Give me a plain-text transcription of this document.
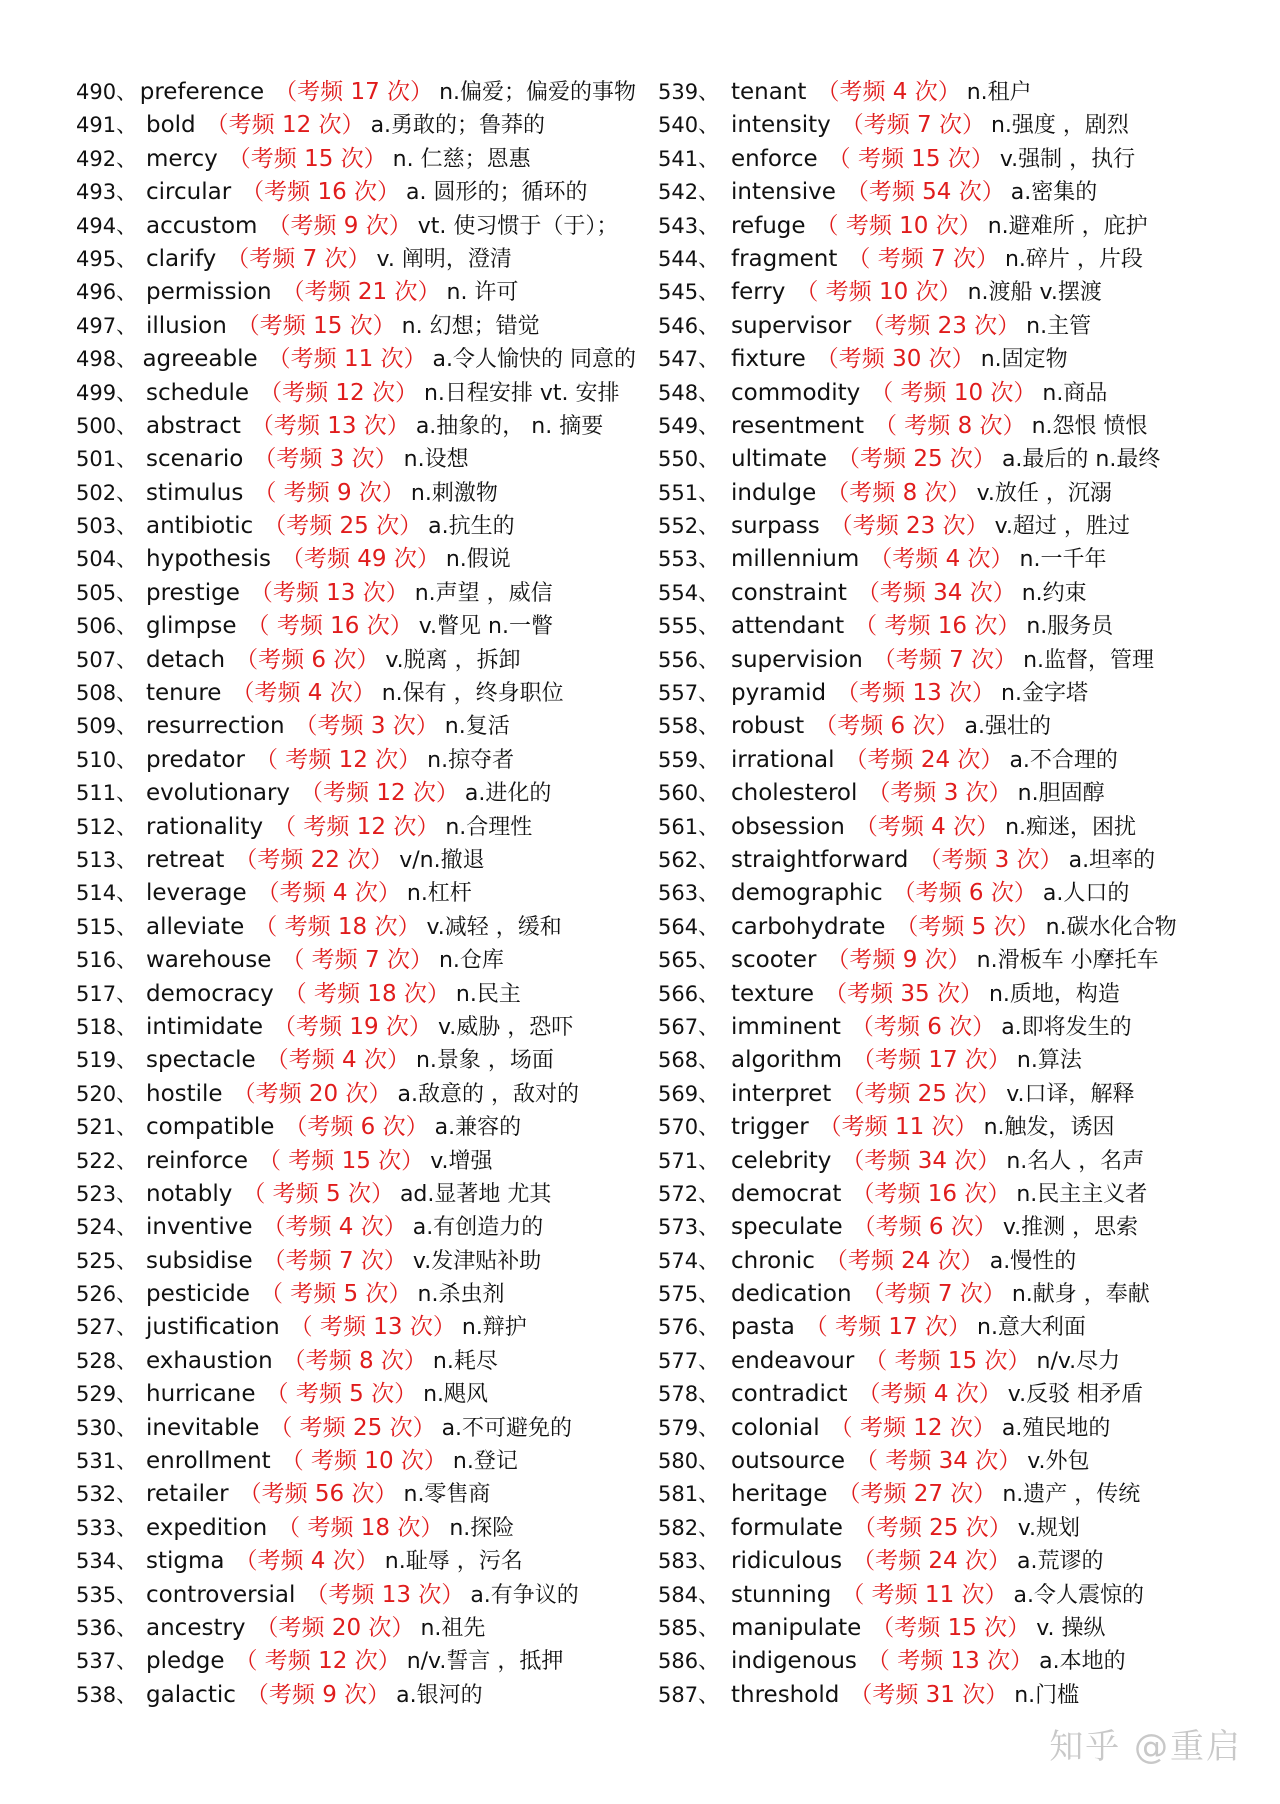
490、 preference （考频 17 次） n.偏爱；偏爱的事物
491、 bold （考频 12 次） a.勇敢的；鲁莽的
492、 mercy （考频 15 次） n. 仁慈；恩惠
493、 circular （考频 16 次） a. 圆形的；循环的
494、 accustom （考频 9 次） vt. 使习惯于（于）；
495、 clarify （考频 7 次） v. 阐明，澄清
496、 permission （考频 21 次） n. 许可
497、 illusion （考频 15 次） n. 幻想；错觉
498、 agreeable （考频 11 次） a.令人愉快的 同意的
499、 schedule （考频 12 次） n.日程安排 vt. 安排
500、 abstract （考频 13 次） a.抽象的， n. 摘要
501、 scenario （考频 3 次） n.设想
502、 stimulus （ 考频 9 次） n.刺激物
503、 antibiotic （考频 25 次） a.抗生的
504、 hypothesis （考频 49 次） n.假说
505、 prestige （考频 13 次） n.声望 ，威信
506、 glimpse （ 考频 16 次） v.瞥见 n.一瞥
507、 detach （考频 6 次） v.脱离 ，拆卸
508、 tenure （考频 4 次） n.保有 ，终身职位
509、 resurrection （考频 3 次） n.复活
510、 predator （ 考频 12 次） n.掠夺者
511、 evolutionary （考频 12 次） a.进化的
512、 rationality （ 考频 12 次） n.合理性
513、 retreat （考频 22 次） v/n.撤退
514、 leverage （考频 4 次） n.杠杆
515、 alleviate （ 考频 18 次） v.减轻 ，缓和
516、 warehouse （ 考频 7 次） n.仓库
517、 democracy （ 考频 18 次） n.民主
518、 intimidate （考频 19 次） v.威胁 ，恐吓
519、 spectacle （考频 4 次） n.景象 ，场面
520、 hostile （考频 20 次） a.敌意的 ，敌对的
521、 compatible （考频 6 次） a.兼容的
522、 reinforce （ 考频 15 次） v.增强
523、 notably （ 考频 5 次） ad.显著地 尤其
524、 inventive （考频 4 次） a.有创造力的
525、 subsidise （考频 7 次） v.发津贴补助
526、 pesticide （ 考频 5 次） n.杀虫剂
527、 justification （ 考频 13 次） n.辩护
528、 exhaustion （考频 8 次） n.耗尽
529、 hurricane （ 考频 5 次） n.飓风
530、 inevitable （ 考频 25 次） a.不可避免的
531、 enrollment （ 考频 10 次） n.登记
532、 retailer （考频 56 次） n.零售商
533、 expedition （ 考频 18 次） n.探险
534、 stigma （考频 4 次） n.耻辱 ，污名
535、 controversial （考频 13 次） a.有争议的
536、 ancestry （考频 20 次） n.祖先
537、 pledge （ 考频 12 次） n/v.誓言 ，抵押
538、 galactic （考频 9 次） a.银河的
539、 tenant （考频 4 次） n.租户
540、 intensity （考频 7 次） n.强度 ，剧烈
541、 enforce （ 考频 15 次） v.强制 ，执行
542、 intensive （考频 54 次） a.密集的
543、 refuge （ 考频 10 次） n.避难所 ，庇护
544、 fragment （ 考频 7 次） n.碎片 ，片段
545、 ferry （ 考频 10 次） n.渡船 v.摆渡
546、 supervisor （考频 23 次） n.主管
547、 fixture （考频 30 次） n.固定物
548、 commodity （ 考频 10 次） n.商品
549、 resentment （ 考频 8 次） n.怨恨 愤恨
550、 ultimate （考频 25 次） a.最后的 n.最终
551、 indulge （考频 8 次） v.放任 ，沉溺
552、 surpass （考频 23 次） v.超过 ，胜过
553、 millennium （考频 4 次） n.一千年
554、 constraint （考频 34 次） n.约束
555、 attendant （ 考频 16 次） n.服务员
556、 supervision （考频 7 次） n.监督，管理
557、 pyramid （考频 13 次） n.金字塔
558、 robust （考频 6 次） a.强壮的
559、 irrational （考频 24 次） a.不合理的
560、 cholesterol （考频 3 次） n.胆固醇
561、 obsession （考频 4 次） n.痴迷，困扰
562、 straightforward （考频 3 次） a.坦率的
563、 demographic （考频 6 次） a.人口的
564、 carbohydrate （考频 5 次） n.碳水化合物
565、 scooter （考频 9 次） n.滑板车 小摩托车
566、 texture （考频 35 次） n.质地，构造
567、 imminent （考频 6 次） a.即将发生的
568、 algorithm （考频 17 次） n.算法
569、 interpret （考频 25 次） v.口译，解释
570、 trigger （考频 11 次） n.触发，诱因
571、 celebrity （考频 34 次） n.名人 ，名声
572、 democrat （考频 16 次） n.民主主义者
573、 speculate （考频 6 次） v.推测 ，思索
574、 chronic （考频 24 次） a.慢性的
575、 dedication （考频 7 次） n.献身 ，奉献
576、 pasta （ 考频 17 次） n.意大利面
577、 endeavour （ 考频 15 次） n/v.尽力
578、 contradict （考频 4 次） v.反驳 相矛盾
579、 colonial （ 考频 12 次） a.殖民地的
580、 outsource （ 考频 34 次） v.外包
581、 heritage （考频 27 次） n.遗产 ，传统
582、 formulate （考频 25 次） v.规划
583、 ridiculous （考频 24 次） a.荒谬的
584、 stunning （ 考频 11 次） a.令人震惊的
585、 manipulate （考频 15 次） v. 操纵
586、 indigenous （ 考频 13 次） a.本地的
587、 threshold （考频 31 次） n.门槛
知乎 @重启
